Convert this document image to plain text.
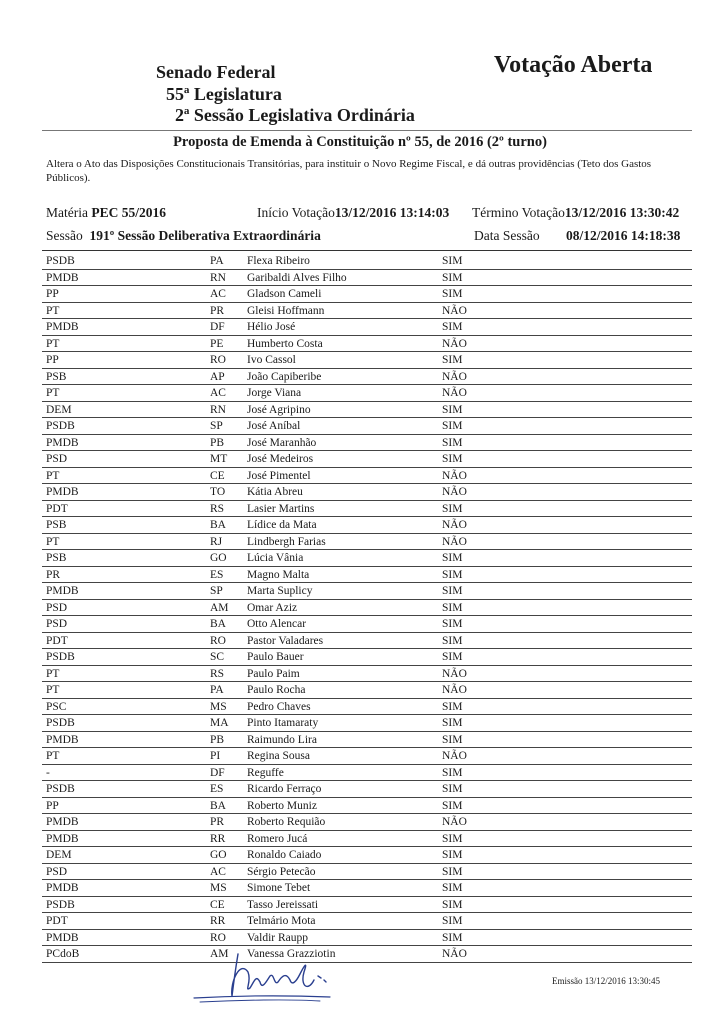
Votação Aberta
Senado Federal
55ª Legislatura
2ª Sessão Legislativa Ordinária
Proposta de Emenda à Constituição nº 55, de 2016 (2º turno)
Altera o Ato das Disposições Constitucionais Transitórias, para instituir o Novo Regime Fiscal, e dá outras providências (Teto dos Gastos Públicos).
Matéria PEC 55/2016	Início Votação13/12/2016 13:14:03 Término Votação13/12/2016 13:30:42
Sessão 191º Sessão Deliberativa Extraordinária	Data Sessão 08/12/2016 14:18:38
PSDB	PA Flexa Ribeiro	SIM
PMDB	RN Garibaldi Alves Filho	SIM
PP	AC Gladson Cameli	SIM
PT	PR Gleisi Hoffmann	NÃO
PMDB	DF Hélio José	SIM
PT	PE Humberto Costa	NÃO
PP	RO Ivo Cassol	SIM
PSB	AP João Capiberibe	NÃO
PT	AC Jorge Viana	NÃO
DEM	RN José Agripino	SIM
PSDB	SP José Aníbal	SIM
PMDB	PB José Maranhão	SIM
PSD	MT José Medeiros	SIM
PT	CE José Pimentel	NÃO
PMDB	TO Kátia Abreu	NÃO
PDT	RS Lasier Martins	SIM
PSB	BA Lídice da Mata	NÃO
PT	RJ Lindbergh Farias	NÃO
PSB	GO Lúcia Vânia	SIM
PR	ES Magno Malta	SIM
PMDB	SP Marta Suplicy	SIM
PSD	AM Omar Aziz	SIM
PSD	BA Otto Alencar	SIM
PDT	RO Pastor Valadares	SIM
PSDB	SC Paulo Bauer	SIM
PT	RS Paulo Paim	NÃO
PT	PA Paulo Rocha	NÃO
PSC	MS Pedro Chaves	SIM
PSDB	MA Pinto Itamaraty	SIM
PMDB	PB Raimundo Lira	SIM
PT	PI Regina Sousa	NÃO
-	DF Reguffe	SIM
PSDB	ES Ricardo Ferraço	SIM
PP	BA Roberto Muniz	SIM
PMDB	PR Roberto Requião	NÃO
PMDB	RR Romero Jucá	SIM
DEM	GO Ronaldo Caiado	SIM
PSD	AC Sérgio Petecão	SIM
PMDB	MS Simone Tebet	SIM
PSDB	CE Tasso Jereissati	SIM
PDT	RR Telmário Mota	SIM
PMDB	RO Valdir Raupp	SIM
PCdoB	AM Vanessa Grazziotin	NÃO
Emissão 13/12/2016 13:30:45
